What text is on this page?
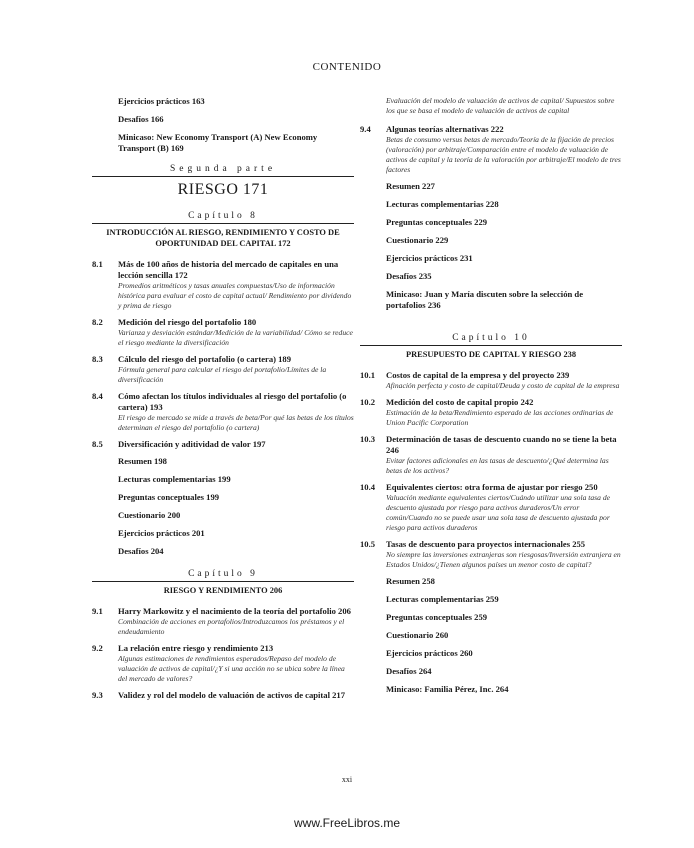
CONTENIDO
Ejercicios prácticos 163
Desafíos 166
Minicaso: New Economy Transport (A) New Economy Transport (B) 169
Segunda parte
RIESGO 171
Capítulo 8
INTRODUCCIÓN AL RIESGO, RENDIMIENTO Y COSTO DE OPORTUNIDAD DEL CAPITAL 172
8.1 Más de 100 años de historia del mercado de capitales en una lección sencilla 172
Promedios aritméticos y tasas anuales compuestas/Uso de información histórica para evaluar el costo de capital actual/ Rendimiento por dividendo y prima de riesgo
8.2 Medición del riesgo del portafolio 180
Varianza y desviación estándar/Medición de la variabilidad/ Cómo se reduce el riesgo mediante la diversificación
8.3 Cálculo del riesgo del portafolio (o cartera) 189
Fórmula general para calcular el riesgo del portafolio/Límites de la diversificación
8.4 Cómo afectan los títulos individuales al riesgo del portafolio (o cartera) 193
El riesgo de mercado se mide a través de beta/Por qué las betas de los títulos determinan el riesgo del portafolio (o cartera)
8.5 Diversificación y aditividad de valor 197
Resumen 198
Lecturas complementarias 199
Preguntas conceptuales 199
Cuestionario 200
Ejercicios prácticos 201
Desafíos 204
Capítulo 9
RIESGO Y RENDIMIENTO 206
9.1 Harry Markowitz y el nacimiento de la teoría del portafolio 206
Combinación de acciones en portafolios/Introduzcamos los préstamos y el endeudamiento
9.2 La relación entre riesgo y rendimiento 213
Algunas estimaciones de rendimientos esperados/Repaso del modelo de valuación de activos de capital/¿Y si una acción no se ubica sobre la línea del mercado de valores?
9.3 Validez y rol del modelo de valuación de activos de capital 217
Evaluación del modelo de valuación de activos de capital/ Supuestos sobre los que se basa el modelo de valuación de activos de capital
9.4 Algunas teorías alternativas 222
Betas de consumo versus betas de mercado/Teoría de la fijación de precios (valoración) por arbitraje/Comparación entre el modelo de valuación de activos de capital y la teoría de la valoración por arbitraje/El modelo de tres factores
Resumen 227
Lecturas complementarias 228
Preguntas conceptuales 229
Cuestionario 229
Ejercicios prácticos 231
Desafíos 235
Minicaso: Juan y María discuten sobre la selección de portafolios 236
Capítulo 10
PRESUPUESTO DE CAPITAL Y RIESGO 238
10.1 Costos de capital de la empresa y del proyecto 239
Afinación perfecta y costo de capital/Deuda y costo de capital de la empresa
10.2 Medición del costo de capital propio 242
Estimación de la beta/Rendimiento esperado de las acciones ordinarias de Union Pacific Corporation
10.3 Determinación de tasas de descuento cuando no se tiene la beta 246
Evitar factores adicionales en las tasas de descuento/¿Qué determina las betas de los activos?
10.4 Equivalentes ciertos: otra forma de ajustar por riesgo 250
Valuación mediante equivalentes ciertos/Cuándo utilizar una sola tasa de descuento ajustada por riesgo para activos duraderos/Un error común/Cuando no se puede usar una sola tasa de descuento ajustada por riesgo para activos duraderos
10.5 Tasas de descuento para proyectos internacionales 255
No siempre las inversiones extranjeras son riesgosas/Inversión extranjera en Estados Unidos/¿Tienen algunos países un menor costo de capital?
Resumen 258
Lecturas complementarias 259
Preguntas conceptuales 259
Cuestionario 260
Ejercicios prácticos 260
Desafíos 264
Minicaso: Familia Pérez, Inc. 264
xxi
www.FreeLibros.me
